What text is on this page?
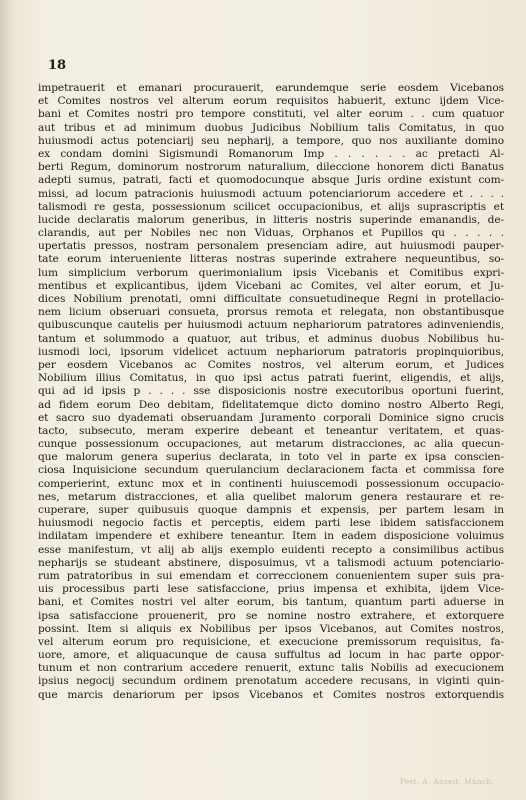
18
impetrauerit et emanari procurauerit, earundemque serie eosdem Vicebanos
et Comites nostros vel alterum eorum requisitos habuerit, extunc ijdem Vice-
bani et Comites nostri pro tempore constituti, vel alter eorum . . cum quatuor
aut tribus et ad minimum duobus Judicibus Nobilium talis Comitatus, in quo
huiusmodi actus potenciarij seu nepharij, a tempore, quo nos auxiliante domino
ex condam domini Sigismundi Romanorum Imp . . . . . . ac pretacti Al-
berti Regum, dominorum nostrorum naturalium, dileccione honorem dicti Banatus
adepti sumus, patrati, facti et quomodocunque absque Juris ordine existunt com-
missi, ad locum patracionis huiusmodi actuum potenciariorum accedere et . . . .
talismodi re gesta, possessionum scilicet occupacionibus, et alijs suprascriptis et
lucide declaratis malorum generibus, in litteris nostris superinde emanandis, de-
clarandis, aut per Nobiles nec non Viduas, Orphanos et Pupillos qu . . . . .
upertatis pressos, nostram personalem presenciam adire, aut huiusmodi pauper-
tate eorum interueniente litteras nostras superinde extrahere nequeuntibus, so-
lum simplicium verborum querimonialium ipsis Vicebanis et Comitibus expri-
mentibus et explicantibus, ijdem Vicebani ac Comites, vel alter eorum, et Ju-
dices Nobilium prenotati, omni difficultate consuetudineque Regni in protellacio-
nem licium obseruari consueta, prorsus remota et relegata, non obstantibusque
quibuscunque cautelis per huiusmodi actuum nephariorum patratores adinveniendis,
tantum et solummodo a quatuor, aut tribus, et adminus duobus Nobilibus hu-
iusmodi loci, ipsorum videlicet actuum nephariorum patratoris propinquioribus,
per eosdem Vicebanos ac Comites nostros, vel alterum eorum, et Judices
Nobilium illius Comitatus, in quo ipsi actus patrati fuerint, eligendis, et alijs,
qui ad id ipsis p . . . . sse disposicionis nostre executoribus oportuni fuerint,
ad fidem eorum Deo debitam, fidelitatemque dicto domino nostro Alberto Regi,
et sacro suo dyademati obseruandam Juramento corporali Dominice signo crucis
tacto, subsecuto, meram experire debeant et teneantur veritatem, et quas-
cunque possessionum occupaciones, aut metarum distracciones, ac alia quecun-
que malorum genera superius declarata, in toto vel in parte ex ipsa conscien-
ciosa Inquisicione secundum querulancium declaracionem facta et commissa fore
comperierint, extunc mox et in continenti huiuscemodi possessionum occupacio-
nes, metarum distracciones, et alia quelibet malorum genera restaurare et re-
cuperare, super quibusuis quoque dampnis et expensis, per partem lesam in
huiusmodi negocio factis et perceptis, eidem parti lese ibidem satisfaccionem
indilatam impendere et exhibere teneantur. Item in eadem disposicione voluimus
esse manifestum, vt alij ab alijs exemplo euidenti recepto a consimilibus actibus
nepharijs se studeant abstinere, disposuimus, vt a talismodi actuum potenciario-
rum patratoribus in sui emendam et correccionem conuenientem super suis pra-
uis processibus parti lese satisfaccione, prius impensa et exhibita, ijdem Vice-
bani, et Comites nostri vel alter eorum, bis tantum, quantum parti aduerse in
ipsa satisfaccione prouenerit, pro se nomine nostro extrahere, et extorquere
possint. Item si aliquis ex Nobilibus per ipsos Vicebanos, aut Comites nostros,
vel alterum eorum pro requisicione, et execucione premissorum requisitus, fa-
uore, amore, et aliquacunque de causa suffultus ad locum in hac parte oppor-
tunum et non contrarium accedere renuerit, extunc talis Nobilis ad execucionem
ipsius negocij secundum ordinem prenotatum accedere recusans, in viginti quin-
que marcis denariorum per ipsos Vicebanos et Comites nostros extorquendis
Pest, A. Anzeit. Münch.
